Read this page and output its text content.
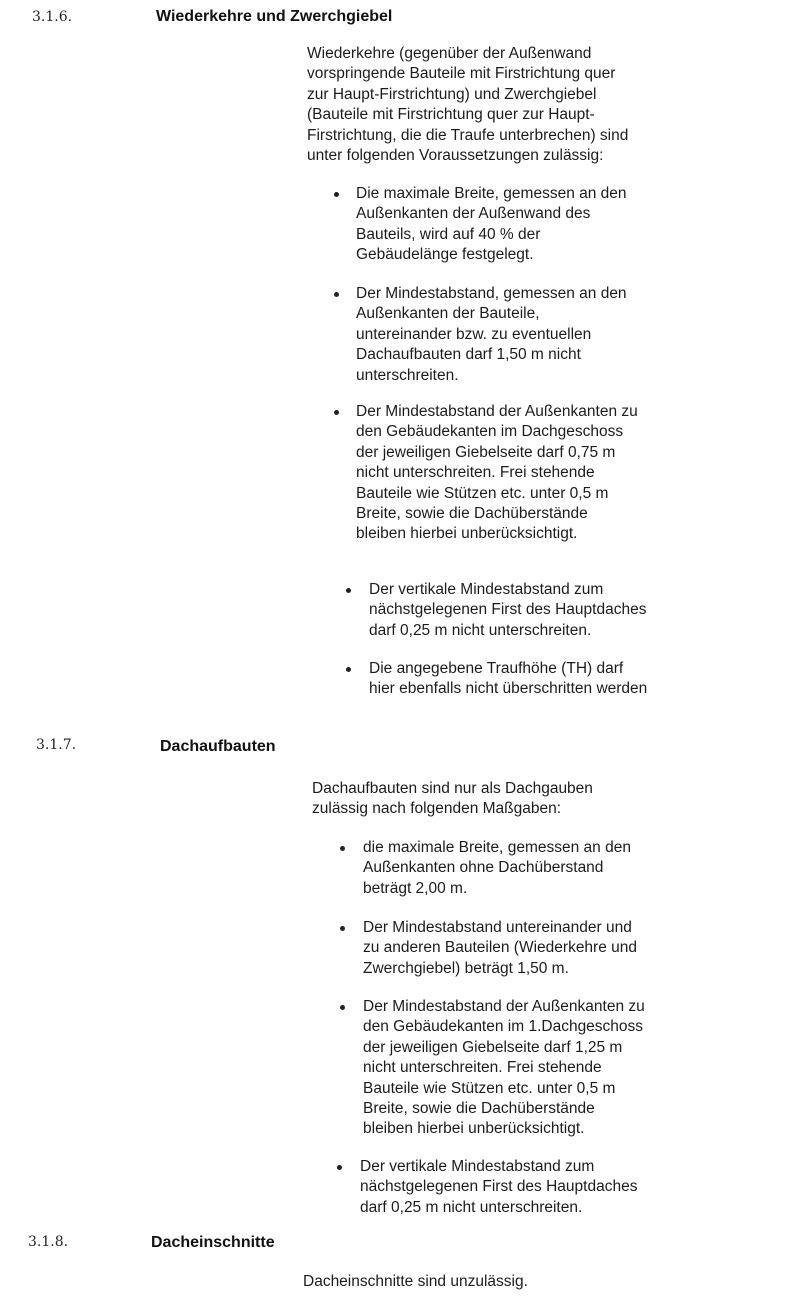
3.1.6.	Wiederkehre und Zwerchgiebel
Wiederkehre (gegenüber der Außenwand
vorspringende Bauteile mit Firstrichtung quer
zur Haupt-Firstrichtung) und Zwerchgiebel
(Bauteile mit Firstrichtung quer zur Haupt-
Firstrichtung, die die Traufe unterbrechen) sind
unter folgenden Voraussetzungen zulässig:
Die maximale Breite, gemessen an den
Außenkanten der Außenwand des
Bauteils, wird auf 40 % der
Gebäudelänge festgelegt.
Der Mindestabstand, gemessen an den
Außenkanten der Bauteile,
untereinander bzw. zu eventuellen
Dachaufbauten darf 1,50 m nicht
unterschreiten.
Der Mindestabstand der Außenkanten zu
den Gebäudekanten im Dachgeschoss
der jeweiligen Giebelseite darf 0,75 m
nicht unterschreiten. Frei stehende
Bauteile wie Stützen etc. unter 0,5 m
Breite, sowie die Dachüberstände
bleiben hierbei unberücksichtigt.
Der vertikale Mindestabstand zum
nächstgelegenen First des Hauptdaches
darf 0,25 m nicht unterschreiten.
Die angegebene Traufhöhe (TH) darf
hier ebenfalls nicht überschritten werden
3.1.7.	Dachaufbauten
Dachaufbauten sind nur als Dachgauben
zulässig nach folgenden Maßgaben:
die maximale Breite, gemessen an den
Außenkanten ohne Dachüberstand
beträgt 2,00 m.
Der Mindestabstand untereinander und
zu anderen Bauteilen (Wiederkehre und
Zwerchgiebel) beträgt 1,50 m.
Der Mindestabstand der Außenkanten zu
den Gebäudekanten im 1.Dachgeschoss
der jeweiligen Giebelseite darf 1,25 m
nicht unterschreiten. Frei stehende
Bauteile wie Stützen etc. unter 0,5 m
Breite, sowie die Dachüberstände
bleiben hierbei unberücksichtigt.
Der vertikale Mindestabstand zum
nächstgelegenen First des Hauptdaches
darf 0,25 m nicht unterschreiten.
3.1.8.	Dacheinschnitte
Dacheinschnitte sind unzulässig.
